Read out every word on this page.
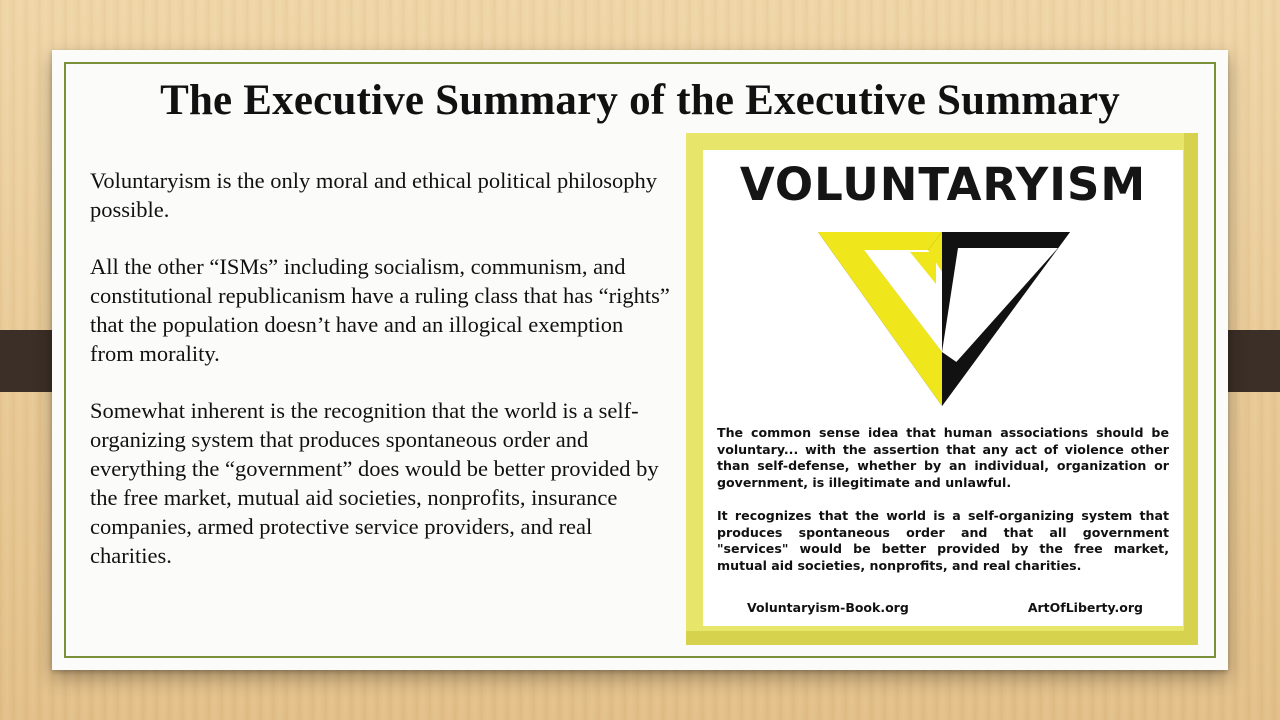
The Executive Summary of the Executive Summary

Voluntaryism is the only moral and ethical political philosophy possible.

All the other “ISMs” including socialism, communism, and constitutional republicanism have a ruling class that has “rights” that the population doesn’t have and an illogical exemption from morality.

Somewhat inherent is the recognition that the world is a self-organizing system that produces spontaneous order and everything the “government” does would be better provided by the free market, mutual aid societies, nonprofits, insurance companies, armed protective service providers, and real charities.

VOLUNTARYISM

The common sense idea that human associations should be voluntary... with the assertion that any act of violence other than self-defense, whether by an individual, organization or government, is illegitimate and unlawful.

It recognizes that the world is a self-organizing system that produces spontaneous order and that all government "services" would be better provided by the free market, mutual aid societies, nonprofits, and real charities.

Voluntaryism-Book.org	ArtOfLiberty.org
